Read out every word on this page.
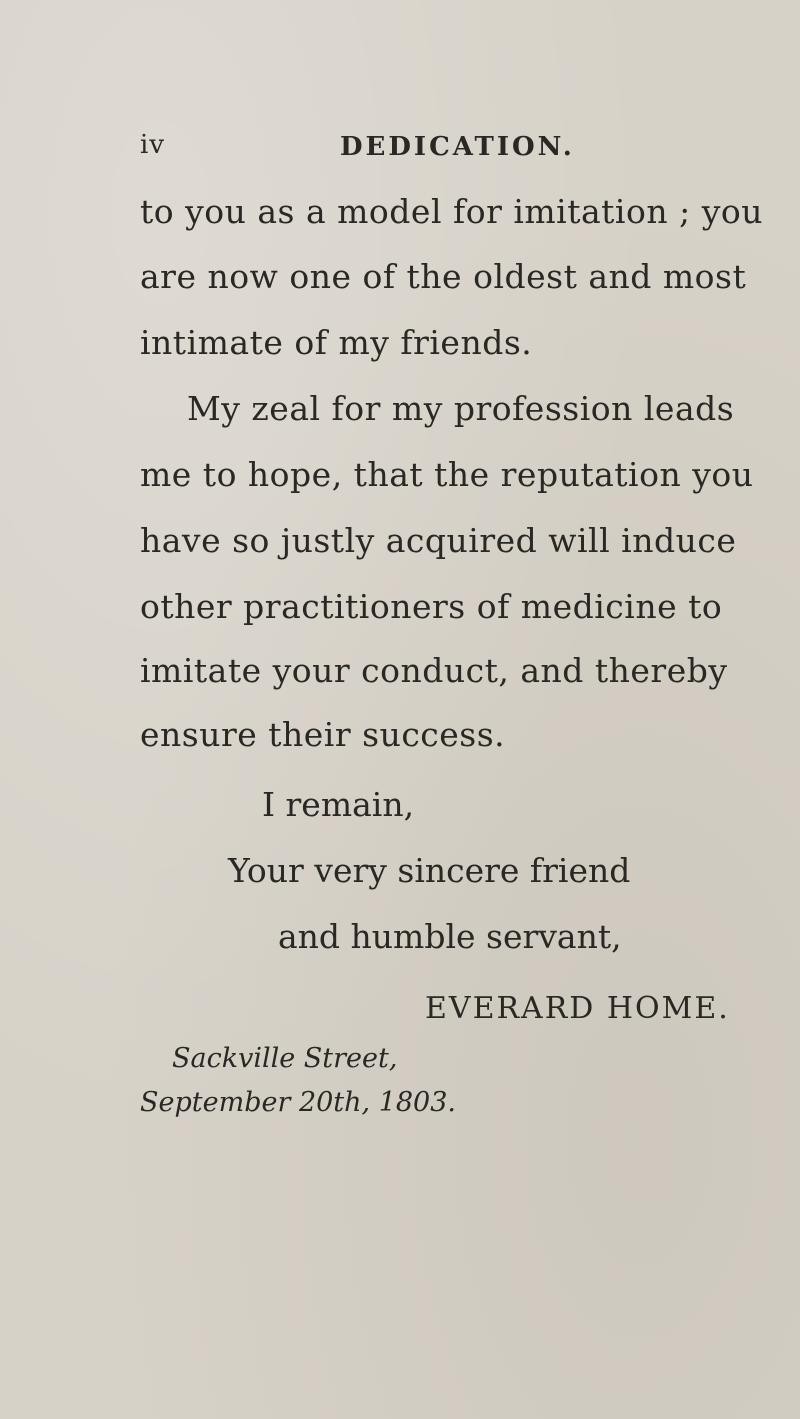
iv	DEDICATION.
to you as a model for imitation ; you
are now one of the oldest and most
intimate of my friends.
My zeal for my profession leads
me to hope, that the reputation you
have so justly acquired will induce
other practitioners of medicine to
imitate your conduct, and thereby
ensure their success.
I remain,
Your very sincere friend
and humble servant,
EVERARD HOME.
Sackville Street,
September 20th, 1803.
